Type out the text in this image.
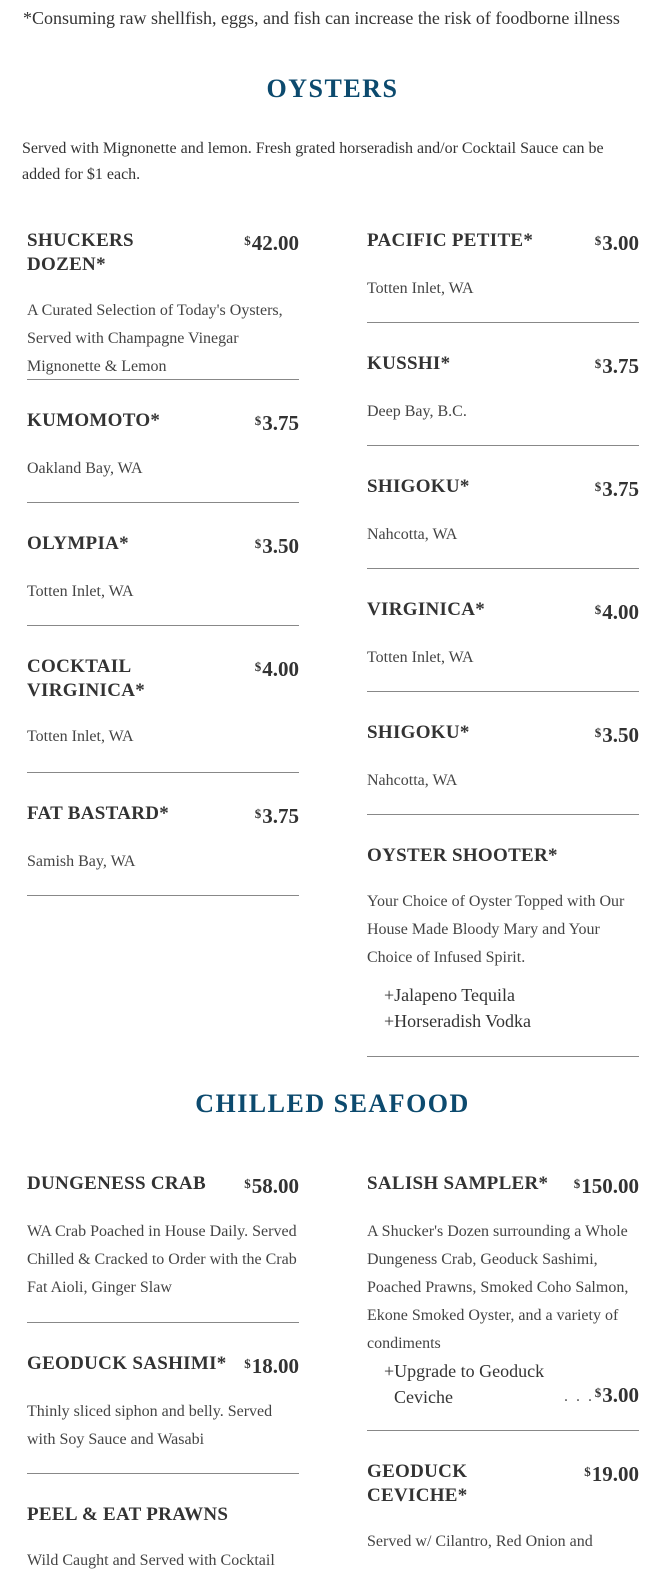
*Consuming raw shellfish, eggs, and fish can increase the risk of foodborne illness
OYSTERS
Served with Mignonette and lemon. Fresh grated horseradish and/or Cocktail Sauce can be added for $1 each.
SHUCKERS DOZEN*
$42.00
A Curated Selection of Today's Oysters, Served with Champagne Vinegar Mignonette & Lemon
KUMOMOTO*	$3.75
Oakland Bay, WA
OLYMPIA*	$3.50
Totten Inlet, WA
COCKTAIL VIRGINICA*
$4.00
Totten Inlet, WA
FAT BASTARD*	$3.75
Samish Bay, WA
PACIFIC PETITE*	$3.00
Totten Inlet, WA
KUSSHI*	$3.75
Deep Bay, B.C.
SHIGOKU*	$3.75
Nahcotta, WA
VIRGINICA*	$4.00
Totten Inlet, WA
SHIGOKU*	$3.50
Nahcotta, WA
OYSTER SHOOTER*
Your Choice of Oyster Topped with Our House Made Bloody Mary and Your Choice of Infused Spirit.
+Jalapeno Tequila
+Horseradish Vodka
CHILLED SEAFOOD
DUNGENESS CRAB	$58.00
WA Crab Poached in House Daily. Served Chilled & Cracked to Order with the Crab Fat Aioli, Ginger Slaw
GEODUCK SASHIMI* $18.00
Thinly sliced siphon and belly. Served with Soy Sauce and Wasabi
PEEL & EAT PRAWNS
Wild Caught and Served with Cocktail
SALISH SAMPLER* $150.00
A Shucker's Dozen surrounding a Whole Dungeness Crab, Geoduck Sashimi, Poached Prawns, Smoked Coho Salmon, Ekone Smoked Oyster, and a variety of condiments
+Upgrade to Geoduck
Ceviche	. . . $3.00
GEODUCK CEVICHE*
$19.00
Served w/ Cilantro, Red Onion and
